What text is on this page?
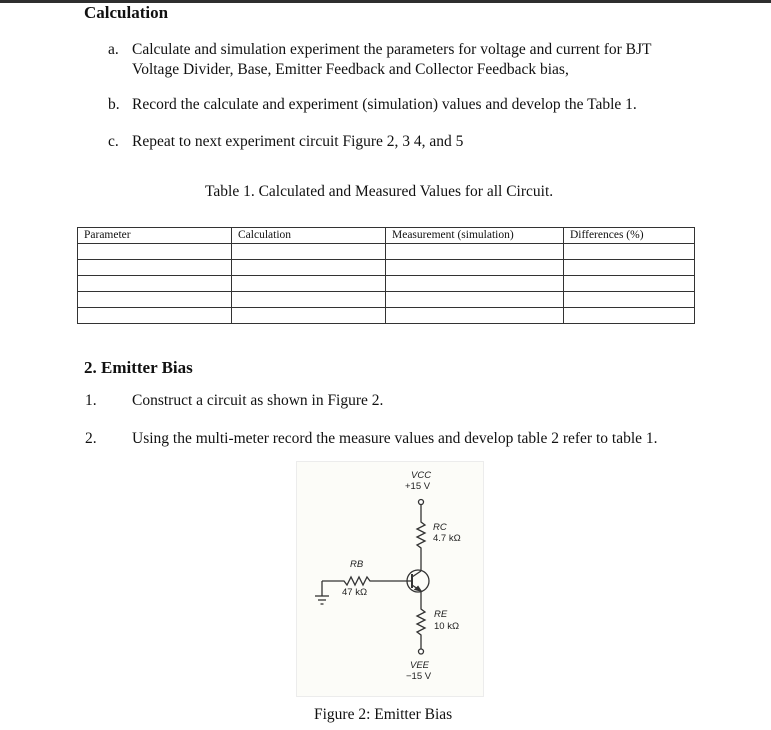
Calculation
a. Calculate and simulation experiment the parameters for voltage and current for BJT
Voltage Divider, Base, Emitter Feedback and Collector Feedback bias,
b. Record the calculate and experiment (simulation) values and develop the Table 1.
c. Repeat to next experiment circuit Figure 2, 3 4, and 5
Table 1. Calculated and Measured Values for all Circuit.
Parameter	Calculation	Measurement (simulation)	Differences (%)

2. Emitter Bias
1. Construct a circuit as shown in Figure 2.
2. Using the multi-meter record the measure values and develop table 2 refer to table 1.
VCC
+15 V
RC
4.7 kΩ
RB
47 kΩ
RE
10 kΩ
VEE
−15 V
Figure 2: Emitter Bias
